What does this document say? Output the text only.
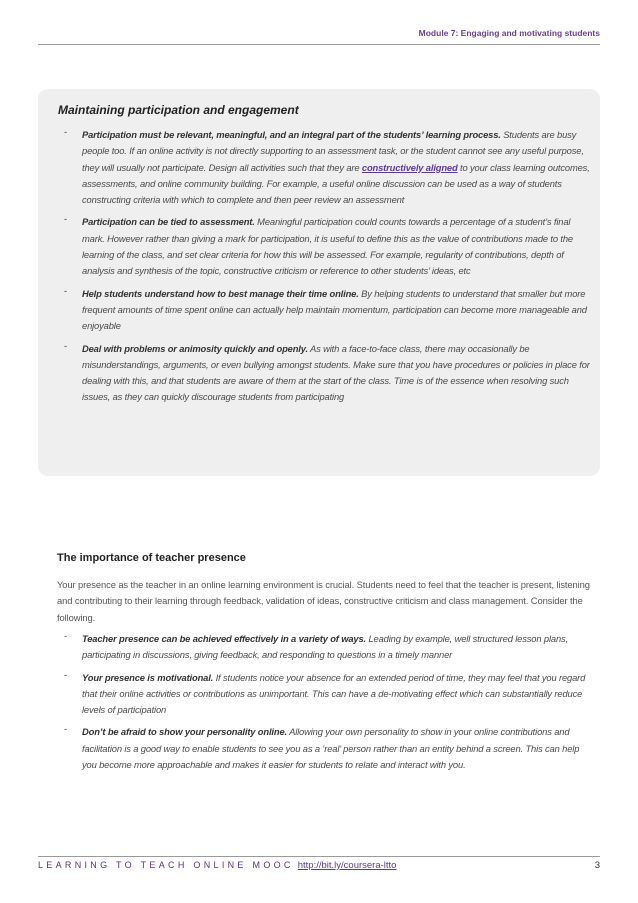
Module 7: Engaging and motivating students
Maintaining participation and engagement
- Participation must be relevant, meaningful, and an integral part of the students’ learning process. Students are busy people too. If an online activity is not directly supporting to an assessment task, or the student cannot see any useful purpose, they will usually not participate. Design all activities such that they are constructively aligned to your class learning outcomes, assessments, and online community building. For example, a useful online discussion can be used as a way of students constructing criteria with which to complete and then peer review an assessment
- Participation can be tied to assessment. Meaningful participation could counts towards a percentage of a student’s final mark. However rather than giving a mark for participation, it is useful to define this as the value of contributions made to the learning of the class, and set clear criteria for how this will be assessed. For example, regularity of contributions, depth of analysis and synthesis of the topic, constructive criticism or reference to other students’ ideas, etc
- Help students understand how to best manage their time online. By helping students to understand that smaller but more frequent amounts of time spent online can actually help maintain momentum, participation can become more manageable and enjoyable
- Deal with problems or animosity quickly and openly. As with a face-to-face class, there may occasionally be misunderstandings, arguments, or even bullying amongst students. Make sure that you have procedures or policies in place for dealing with this, and that students are aware of them at the start of the class. Time is of the essence when resolving such issues, as they can quickly discourage students from participating
The importance of teacher presence
Your presence as the teacher in an online learning environment is crucial. Students need to feel that the teacher is present, listening and contributing to their learning through feedback, validation of ideas, constructive criticism and class management. Consider the following.
- Teacher presence can be achieved effectively in a variety of ways. Leading by example, well structured lesson plans, participating in discussions, giving feedback, and responding to questions in a timely manner
- Your presence is motivational. If students notice your absence for an extended period of time, they may feel that you regard that their online activities or contributions as unimportant. This can have a de-motivating effect which can substantially reduce levels of participation
- Don’t be afraid to show your personality online. Allowing your own personality to show in your online contributions and facilitation is a good way to enable students to see you as a ‘real’ person rather than an entity behind a screen. This can help you become more approachable and makes it easier for students to relate and interact with you.
LEARNING TO TEACH ONLINE MOOC http://bit.ly/coursera-ltto	3
